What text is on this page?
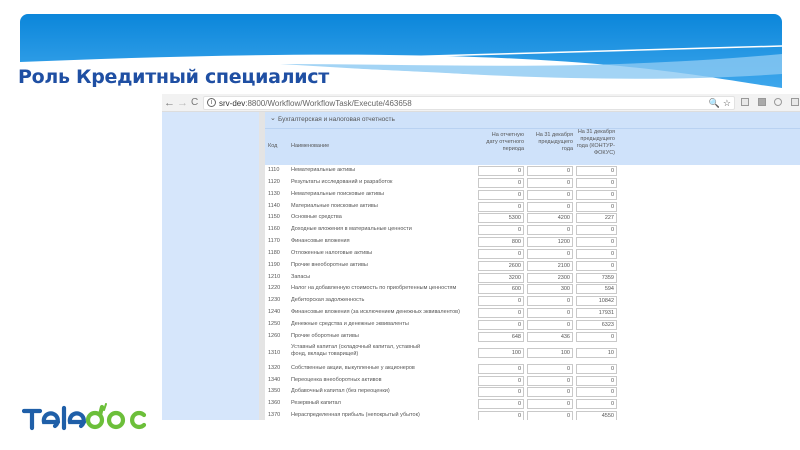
Роль Кредитный специалист
← → C	i srv-dev:8800/Workflow/WorkflowTask/Execute/463658	🔍 ☆
⌄ Бухгалтерская и налоговая отчетность
Код Наименование
На отчетную дату отчетного периода
На 31 декабря предыдущего года
На 31 декабря предыдущего года (КОНТУР-ФОКУС)
1110 Нематериальные активы	0	0	0
1120 Результаты исследований и разработок	0	0	0
1130 Нематериальные поисковые активы	0	0	0
1140 Материальные поисковые активы	0	0	0
1150 Основные средства	5300	4200	227
1160 Доходные вложения в материальные ценности	0	0	0
1170 Финансовые вложения	800	1200	0
1180 Отложенные налоговые активы	0	0	0
1190 Прочие внеоборотные активы	2600	2100	0
1210 Запасы	3200	2300	7359
1220 Налог на добавленную стоимость по приобретенным ценностям	600	300	594
1230 Дебиторская задолженность	0	0	10842
1240 Финансовые вложения (за исключением денежных эквивалентов)	0	0	17931
1250 Денежные средства и денежные эквиваленты	0	0	6323
1260 Прочие оборотные активы	648	436	0
1310
Уставный капитал (складочный капитал, уставный фонд, вклады товарищей)	100	100	10
1320 Собственные акции, выкупленные у акционеров	0	0	0
1340 Переоценка внеоборотных активов	0	0	0
1350 Добавочный капитал (без переоценки)	0	0	0
1360 Резервный капитал	0	0	0
1370 Нераспределенная прибыль (непокрытый убыток)	0	0	4550
